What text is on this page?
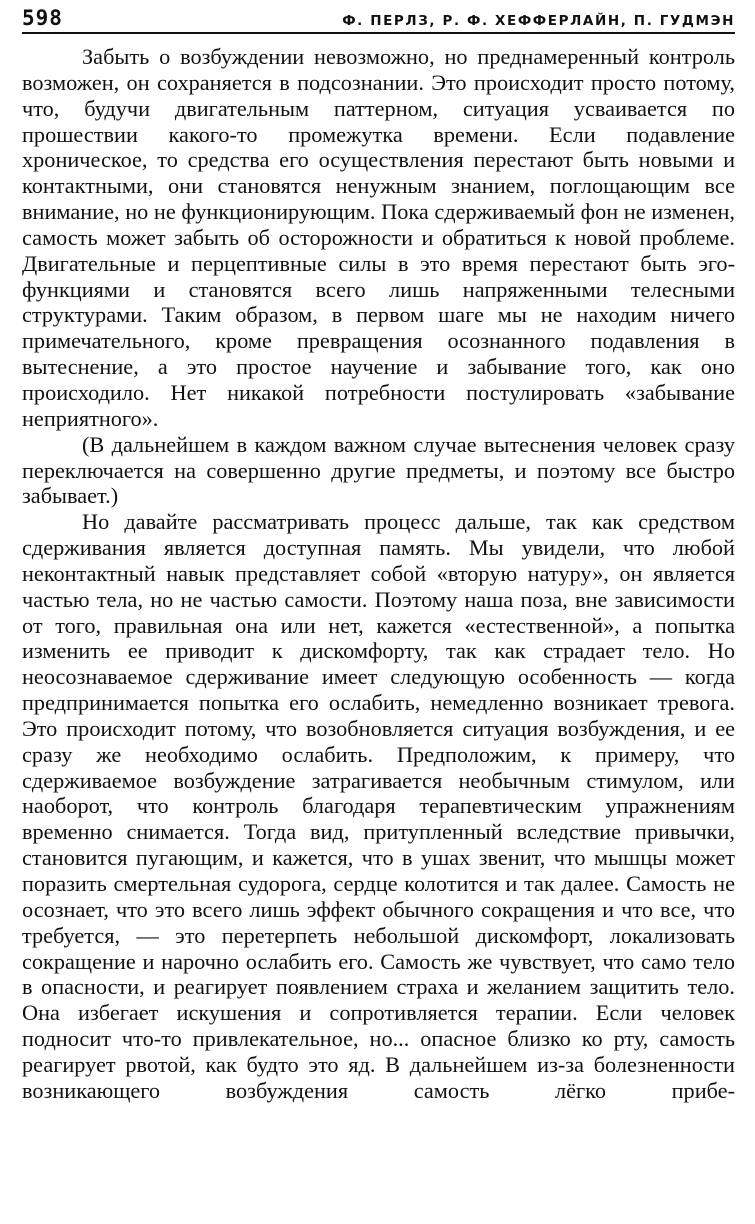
598	Ф. ПЕРЛЗ, Р. Ф. ХЕФФЕРЛАЙН, П. ГУДМЭН

Забыть о возбуждении невозможно, но преднамеренный контроль возможен, он сохраняется в подсознании. Это происходит просто потому, что, будучи двигательным паттерном, ситуация усваивается по прошествии какого-то промежутка времени. Если подавление хроническое, то средства его осуществления перестают быть новыми и контактными, они становятся ненужным знанием, поглощающим все внимание, но не функционирующим. Пока сдерживаемый фон не изменен, самость может забыть об осторожности и обратиться к новой проблеме. Двигательные и перцептивные силы в это время перестают быть эго-функциями и становятся всего лишь напряженными телесными структурами. Таким образом, в первом шаге мы не находим ничего примечательного, кроме превращения осознанного подавления в вытеснение, а это простое научение и забывание того, как оно происходило. Нет никакой потребности постулировать «забывание неприятного».

(В дальнейшем в каждом важном случае вытеснения человек сразу переключается на совершенно другие предметы, и поэтому все быстро забывает.)

Но давайте рассматривать процесс дальше, так как средством сдерживания является доступная память. Мы увидели, что любой неконтактный навык представляет собой «вторую натуру», он является частью тела, но не частью самости. Поэтому наша поза, вне зависимости от того, правильная она или нет, кажется «естественной», а попытка изменить ее приводит к дискомфорту, так как страдает тело. Но неосознаваемое сдерживание имеет следующую особенность — когда предпринимается попытка его ослабить, немедленно возникает тревога. Это происходит потому, что возобновляется ситуация возбуждения, и ее сразу же необходимо ослабить. Предположим, к примеру, что сдерживаемое возбуждение затрагивается необычным стимулом, или наоборот, что контроль благодаря терапевтическим упражнениям временно снимается. Тогда вид, притупленный вследствие привычки, становится пугающим, и кажется, что в ушах звенит, что мышцы может поразить смертельная судорога, сердце колотится и так далее. Самость не осознает, что это всего лишь эффект обычного сокращения и что все, что требуется, — это перетерпеть небольшой дискомфорт, локализовать сокращение и нарочно ослабить его. Самость же чувствует, что само тело в опасности, и реагирует появлением страха и желанием защитить тело. Она избегает искушения и сопротивляется терапии. Если человек подносит что-то привлекательное, но... опасное близко ко рту, самость реагирует рвотой, как будто это яд. В дальнейшем из-за болезненности возникающего возбуждения самость лёгко прибе-
